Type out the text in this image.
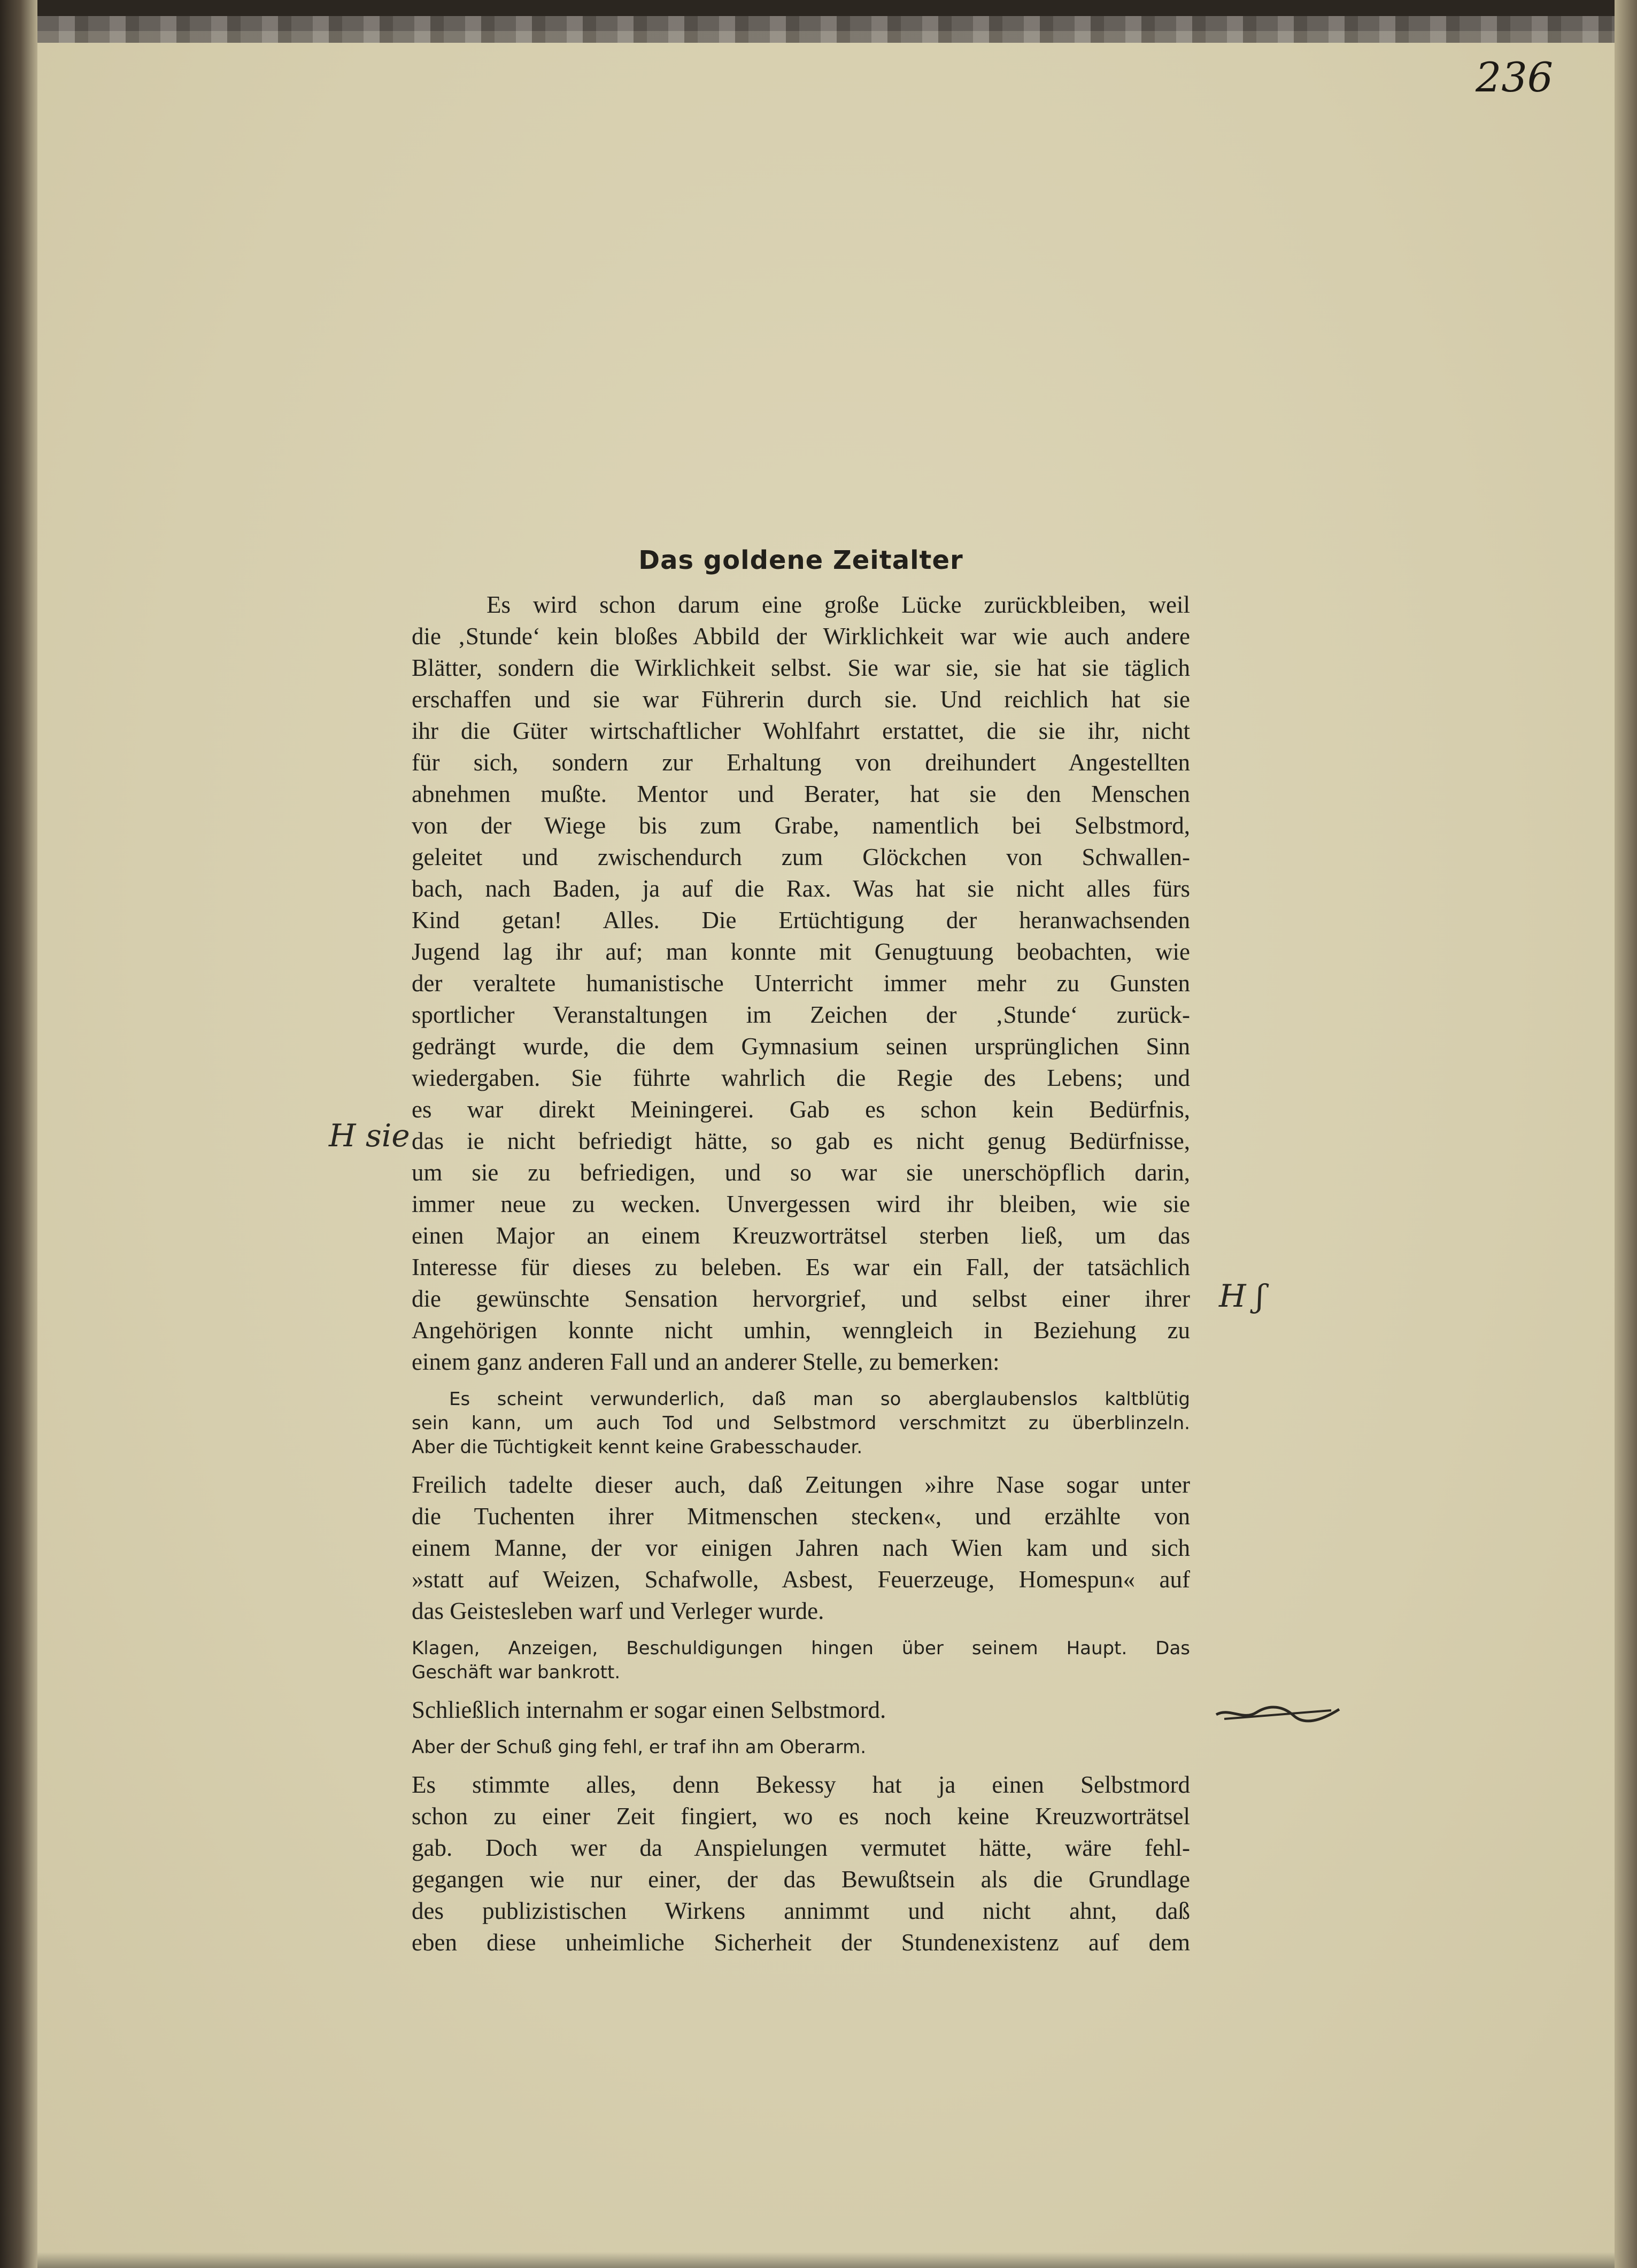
236
Das goldene Zeitalter
Es wird schon darum eine große Lücke zurückbleiben, weil
die ‚Stunde‘ kein bloßes Abbild der Wirklichkeit war wie auch andere
Blätter, sondern die Wirklichkeit selbst. Sie war sie, sie hat sie täglich
erschaffen und sie war Führerin durch sie. Und reichlich hat sie
ihr die Güter wirtschaftlicher Wohlfahrt erstattet, die sie ihr, nicht
für sich, sondern zur Erhaltung von dreihundert Angestellten
abnehmen mußte. Mentor und Berater, hat sie den Menschen
von der Wiege bis zum Grabe, namentlich bei Selbstmord,
geleitet und zwischendurch zum Glöckchen von Schwallen-
bach, nach Baden, ja auf die Rax. Was hat sie nicht alles fürs
Kind getan! Alles. Die Ertüchtigung der heranwachsenden
Jugend lag ihr auf; man konnte mit Genugtuung beobachten, wie
der veraltete humanistische Unterricht immer mehr zu Gunsten
sportlicher Veranstaltungen im Zeichen der ‚Stunde‘ zurück-
gedrängt wurde, die dem Gymnasium seinen ursprünglichen Sinn
wiedergaben. Sie führte wahrlich die Regie des Lebens; und
es war direkt Meiningerei. Gab es schon kein Bedürfnis,
das ie nicht befriedigt hätte, so gab es nicht genug Bedürfnisse,
um sie zu befriedigen, und so war sie unerschöpflich darin,
immer neue zu wecken. Unvergessen wird ihr bleiben, wie sie
einen Major an einem Kreuzworträtsel sterben ließ, um das
Interesse für dieses zu beleben. Es war ein Fall, der tatsächlich
die gewünschte Sensation hervorgrief, und selbst einer ihrer
Angehörigen konnte nicht umhin, wenngleich in Beziehung zu
einem ganz anderen Fall und an anderer Stelle, zu bemerken:
Es scheint verwunderlich, daß man so aberglaubenslos kaltblütig
sein kann, um auch Tod und Selbstmord verschmitzt zu überblinzeln.
Aber die Tüchtigkeit kennt keine Grabesschauder.
Freilich tadelte dieser auch, daß Zeitungen »ihre Nase sogar unter
die Tuchenten ihrer Mitmenschen stecken«, und erzählte von
einem Manne, der vor einigen Jahren nach Wien kam und sich
»statt auf Weizen, Schafwolle, Asbest, Feuerzeuge, Homespun« auf
das Geistesleben warf und Verleger wurde.
Klagen, Anzeigen, Beschuldigungen hingen über seinem Haupt. Das
Geschäft war bankrott.
Schließlich internahm er sogar einen Selbstmord.
Aber der Schuß ging fehl, er traf ihn am Oberarm.
Es stimmte alles, denn Bekessy hat ja einen Selbstmord
schon zu einer Zeit fingiert, wo es noch keine Kreuzworträtsel
gab. Doch wer da Anspielungen vermutet hätte, wäre fehl-
gegangen wie nur einer, der das Bewußtsein als die Grundlage
des publizistischen Wirkens annimmt und nicht ahnt, daß
eben diese unheimliche Sicherheit der Stundenexistenz auf dem
H sie
H ʃ
